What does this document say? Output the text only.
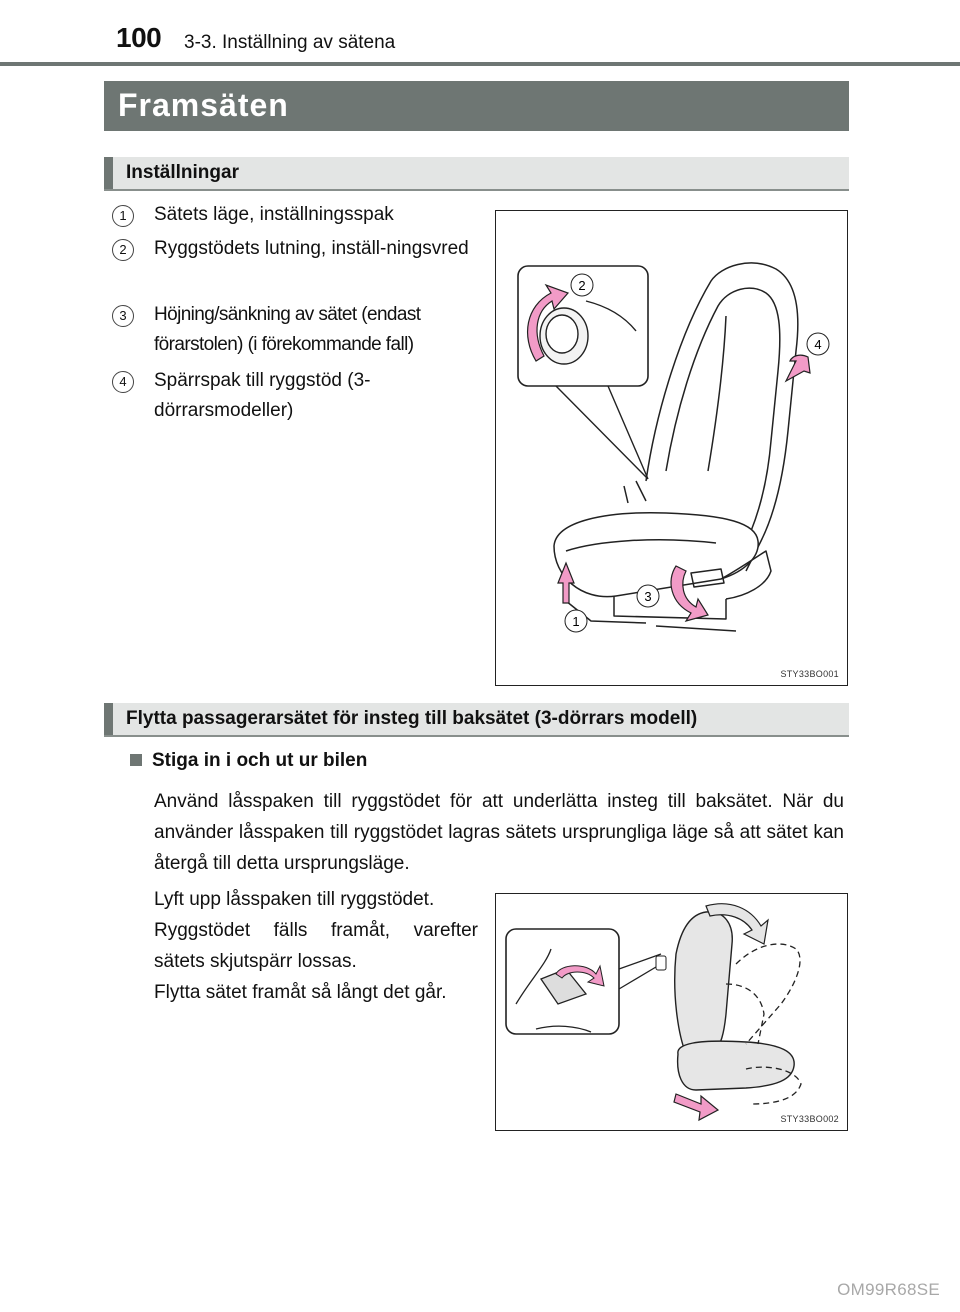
100 3-3. Inställning av sätena
Framsäten
Inställningar
1	Sätets läge, inställningsspak
2	Ryggstödets lutning, inställ-ningsvred
3	Höjning/sänkning av sätet (endast förarstolen) (i förekommande fall)
4	Spärrspak till ryggstöd (3-dörrarsmodeller)
1
2
3
4
STY33BO001
Flytta passagerarsätet för insteg till baksätet (3-dörrars modell)
Stiga in i och ut ur bilen
Använd låsspaken till ryggstödet för att underlätta insteg till baksätet. När du använder låsspaken till ryggstödet lagras sätets ursprungliga läge så att sätet kan återgå till detta ursprungsläge.

Lyft upp låsspaken till ryggstödet.

Ryggstödet fälls framåt, varefter sätets skjutspärr lossas.

Flytta sätet framåt så långt det går.

STY33BO002
OM99R68SE
